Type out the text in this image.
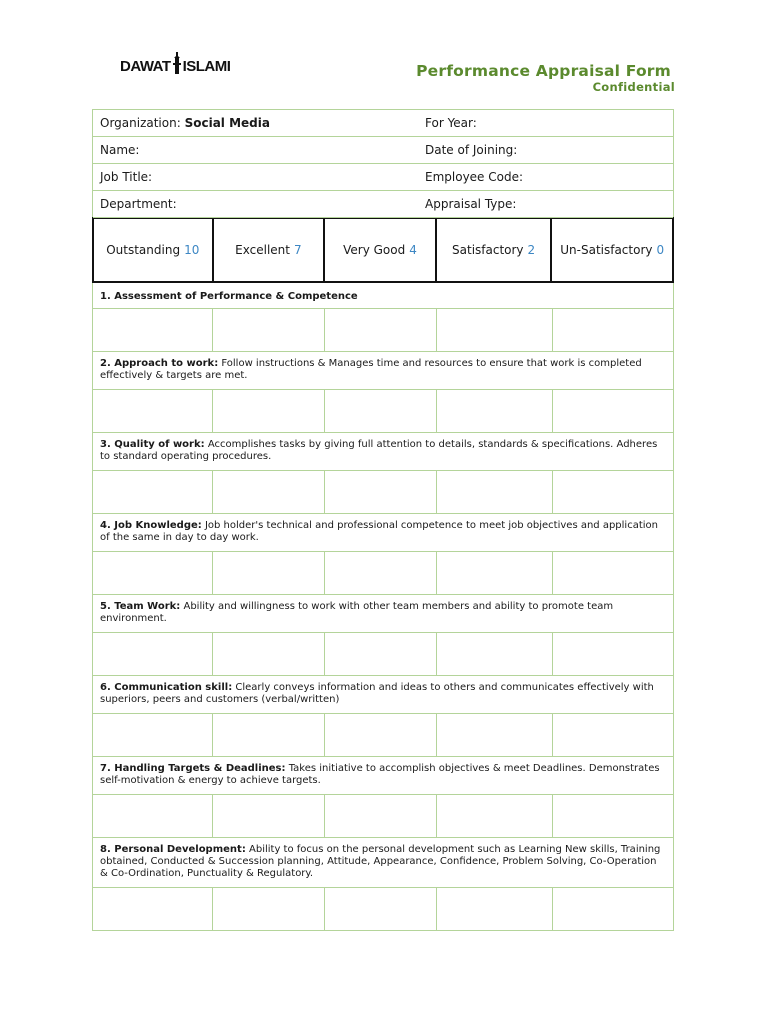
DAWAT ISLAMI	Performance Appraisal Form
Confidential
Organization: Social Media	For Year:
Name:	Date of Joining:
Job Title:	Employee Code:
Department:	Appraisal Type:
Outstanding 10	Excellent 7	Very Good 4	Satisfactory 2 Un-Satisfactory 0
1. Assessment of Performance & Competence
2. Approach to work: Follow instructions & Manages time and resources to ensure that work is completed effectively & targets are met.
3. Quality of work: Accomplishes tasks by giving full attention to details, standards & specifications. Adheres to standard operating procedures.
4. Job Knowledge: Job holder's technical and professional competence to meet job objectives and application of the same in day to day work.
5. Team Work: Ability and willingness to work with other team members and ability to promote team environment.
6. Communication skill: Clearly conveys information and ideas to others and communicates effectively with superiors, peers and customers (verbal/written)
7. Handling Targets & Deadlines: Takes initiative to accomplish objectives & meet Deadlines. Demonstrates self-motivation & energy to achieve targets.
8. Personal Development: Ability to focus on the personal development such as Learning New skills, Training obtained, Conducted & Succession planning, Attitude, Appearance, Confidence, Problem Solving, Co-Operation & Co-Ordination, Punctuality & Regulatory.
